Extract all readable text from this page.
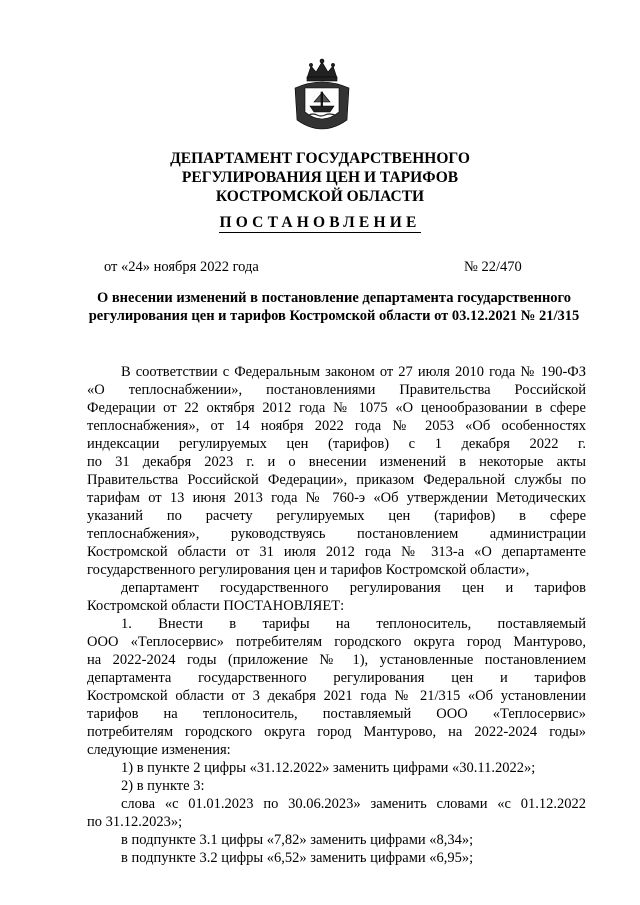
ДЕПАРТАМЕНТ ГОСУДАРСТВЕННОГО
РЕГУЛИРОВАНИЯ ЦЕН И ТАРИФОВ
КОСТРОМСКОЙ ОБЛАСТИ
ПОСТАНОВЛЕНИЕ
от «24» ноября 2022 года	№ 22/470
О внесении изменений в постановление департамента государственного
регулирования цен и тарифов Костромской области от 03.12.2021 № 21/315
В соответствии с Федеральным законом от 27 июля 2010 года № 190-ФЗ
«О теплоснабжении», постановлениями Правительства Российской
Федерации от 22 октября 2012 года № 1075 «О ценообразовании в сфере
теплоснабжения», от 14 ноября 2022 года № 2053 «Об особенностях
индексации регулируемых цен (тарифов) с 1 декабря 2022 г.
по 31 декабря 2023 г. и о внесении изменений в некоторые акты
Правительства Российской Федерации», приказом Федеральной службы по
тарифам от 13 июня 2013 года № 760-э «Об утверждении Методических
указаний по расчету регулируемых цен (тарифов) в сфере
теплоснабжения», руководствуясь постановлением администрации
Костромской области от 31 июля 2012 года № 313-а «О департаменте
государственного регулирования цен и тарифов Костромской области»,
департамент государственного регулирования цен и тарифов
Костромской области ПОСТАНОВЛЯЕТ:
1. Внести в тарифы на теплоноситель, поставляемый
ООО «Теплосервис» потребителям городского округа город Мантурово,
на 2022-2024 годы (приложение № 1), установленные постановлением
департамента государственного регулирования цен и тарифов
Костромской области от 3 декабря 2021 года № 21/315 «Об установлении
тарифов на теплоноситель, поставляемый ООО «Теплосервис»
потребителям городского округа город Мантурово, на 2022-2024 годы»
следующие изменения:
1) в пункте 2 цифры «31.12.2022» заменить цифрами «30.11.2022»;
2) в пункте 3:
слова «с 01.01.2023 по 30.06.2023» заменить словами «с 01.12.2022
по 31.12.2023»;
в подпункте 3.1 цифры «7,82» заменить цифрами «8,34»;
в подпункте 3.2 цифры «6,52» заменить цифрами «6,95»;
